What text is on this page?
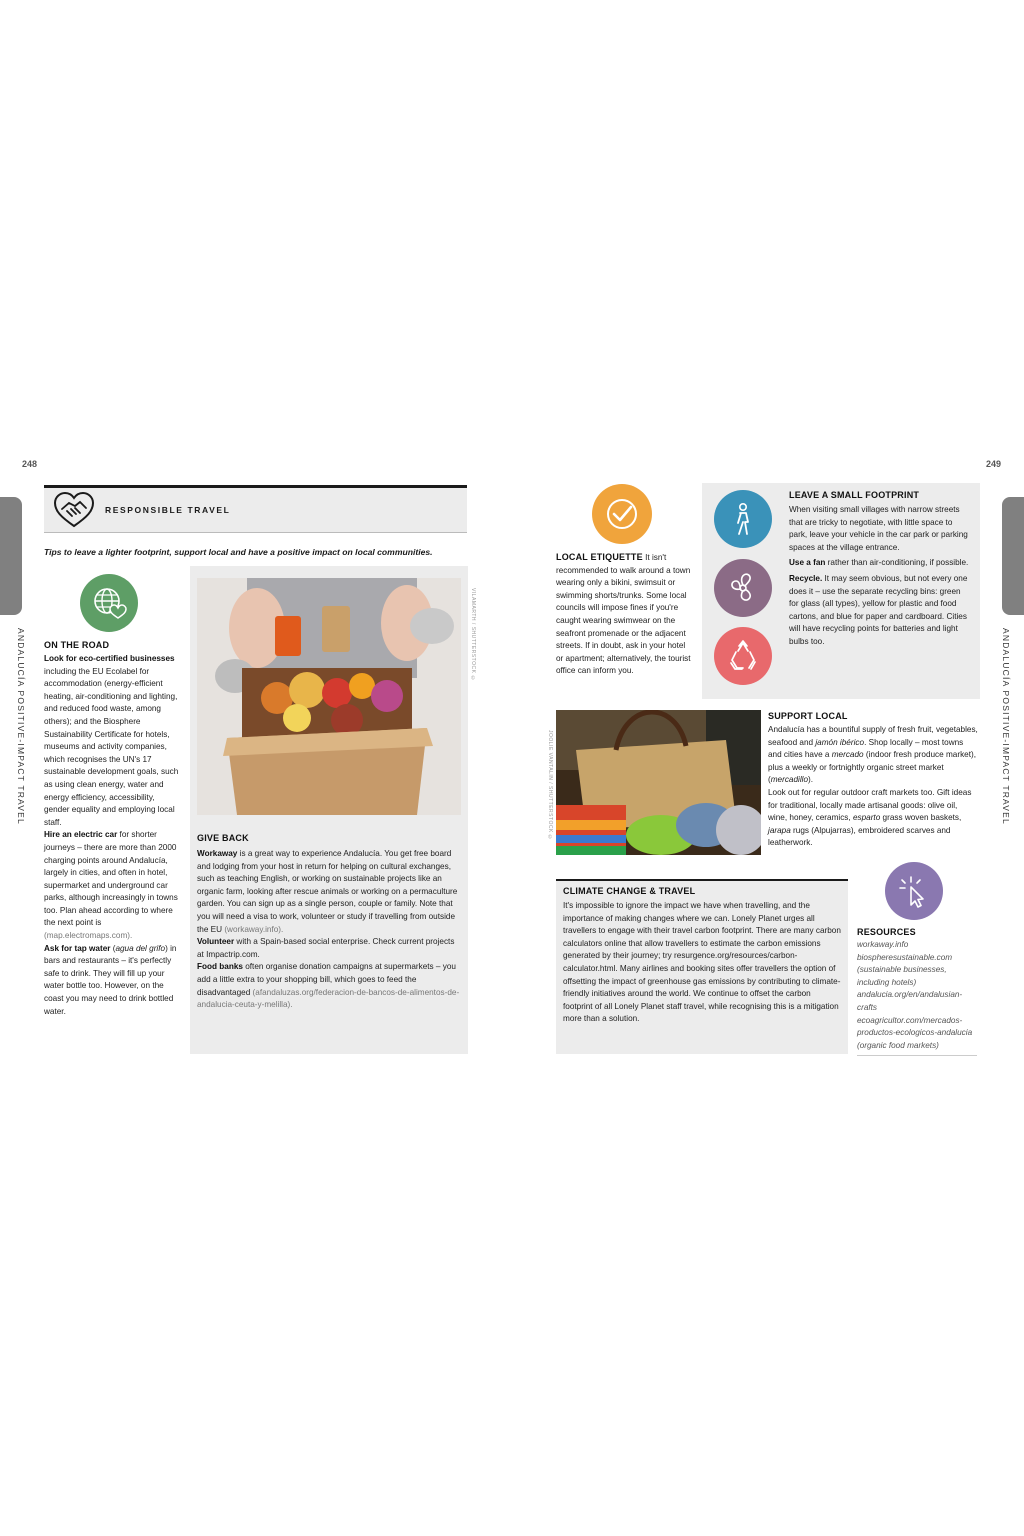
248
ANDALUCÍA POSITIVE-IMPACT TRAVEL
RESPONSIBLE TRAVEL
Tips to leave a lighter footprint, support local and have a positive impact on local communities.
ON THE ROAD

Look for eco-certified businesses including the EU Ecolabel for accommodation (energy-efficient heating, air-conditioning and lighting, and reduced food waste, among others); and the Biosphere Sustainability Certificate for hotels, museums and activity companies, which recognises the UN's 17 sustainable development goals, such as using clean energy, water and energy efficiency, accessibility, gender equality and employing local staff.

Hire an electric car for shorter journeys – there are more than 2000 charging points around Andalucía, largely in cities, and often in hotel, supermarket and underground car parks, although increasingly in towns too. Plan ahead according to where the next point is (map.electromaps.com).

Ask for tap water (agua del grifo) in bars and restaurants – it's perfectly safe to drink. They will fill up your water bottle too. However, on the coast you may need to drink bottled water.

VILAMARTH / SHUTTERSTOCK ©
GIVE BACK

Workaway is a great way to experience Andalucía. You get free board and lodging from your host in return for helping on cultural exchanges, such as teaching English, or working on sustainable projects like an organic farm, looking after rescue animals or working on a permaculture garden. You can sign up as a single person, couple or family. Note that you will need a visa to work, volunteer or study if travelling from outside the EU (workaway.info).

Volunteer with a Spain-based social enterprise. Check current projects at Impactrip.com.

Food banks often organise donation campaigns at supermarkets – you add a little extra to your shopping bill, which goes to feed the disadvantaged (afandaluzas.org/federacion-de-bancos-de-alimentos-de-andalucia-ceuta-y-melilla).

249
ANDALUCÍA POSITIVE-IMPACT TRAVEL

LOCAL ETIQUETTE It isn't recommended to walk around a town wearing only a bikini, swimsuit or swimming shorts/trunks. Some local councils will impose fines if you're caught wearing swimwear on the seafront promenade or the adjacent streets. If in doubt, ask in your hotel or apartment; alternatively, the tourist office can inform you.

LEAVE A SMALL FOOTPRINT

When visiting small villages with narrow streets that are tricky to negotiate, with little space to park, leave your vehicle in the car park or parking spaces at the village entrance.

Use a fan rather than air-conditioning, if possible.

Recycle. It may seem obvious, but not every one does it – use the separate recycling bins: green for glass (all types), yellow for plastic and food cartons, and blue for paper and cardboard. Cities will have recycling points for batteries and light bulbs too.

JOOLIE VANTALIN / SHUTTERSTOCK ©
SUPPORT LOCAL

Andalucía has a bountiful supply of fresh fruit, vegetables, seafood and jamón ibérico. Shop locally – most towns and cities have a mercado (indoor fresh produce market), plus a weekly or fortnightly organic street market (mercadillo).

Look out for regular outdoor craft markets too. Gift ideas for traditional, locally made artisanal goods: olive oil, wine, honey, ceramics, esparto grass woven baskets, jarapa rugs (Alpujarras), embroidered scarves and leatherwork.

CLIMATE CHANGE & TRAVEL
It's impossible to ignore the impact we have when travelling, and the importance of making changes where we can. Lonely Planet urges all travellers to engage with their travel carbon footprint. There are many carbon calculators online that allow travellers to estimate the carbon emissions generated by their journey; try resurgence.org/resources/carbon-calculator.html. Many airlines and booking sites offer travellers the option of offsetting the impact of greenhouse gas emissions by contributing to climate-friendly initiatives around the world. We continue to offset the carbon footprint of all Lonely Planet staff travel, while recognising this is a mitigation more than a solution.
RESOURCES

workaway.info

biospheresustainable.com (sustainable businesses, including hotels)

andalucia.org/en/andalusian-crafts

ecoagricultor.com/mercados-productos-ecologicos-andalucia (organic food markets)
